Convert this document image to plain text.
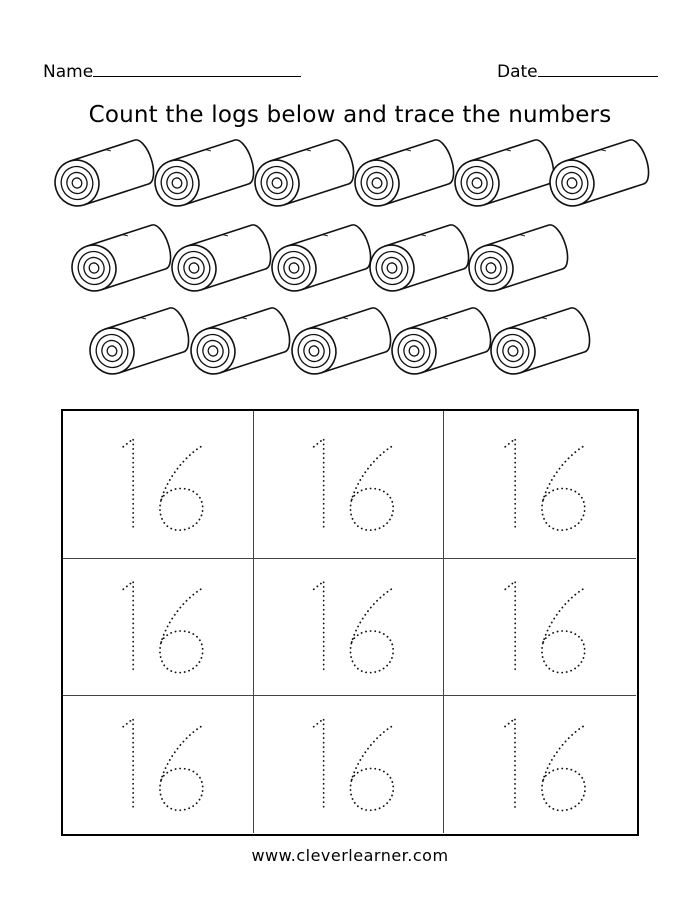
Name	Date
Count the logs below and trace the numbers
www.cleverlearner.com
